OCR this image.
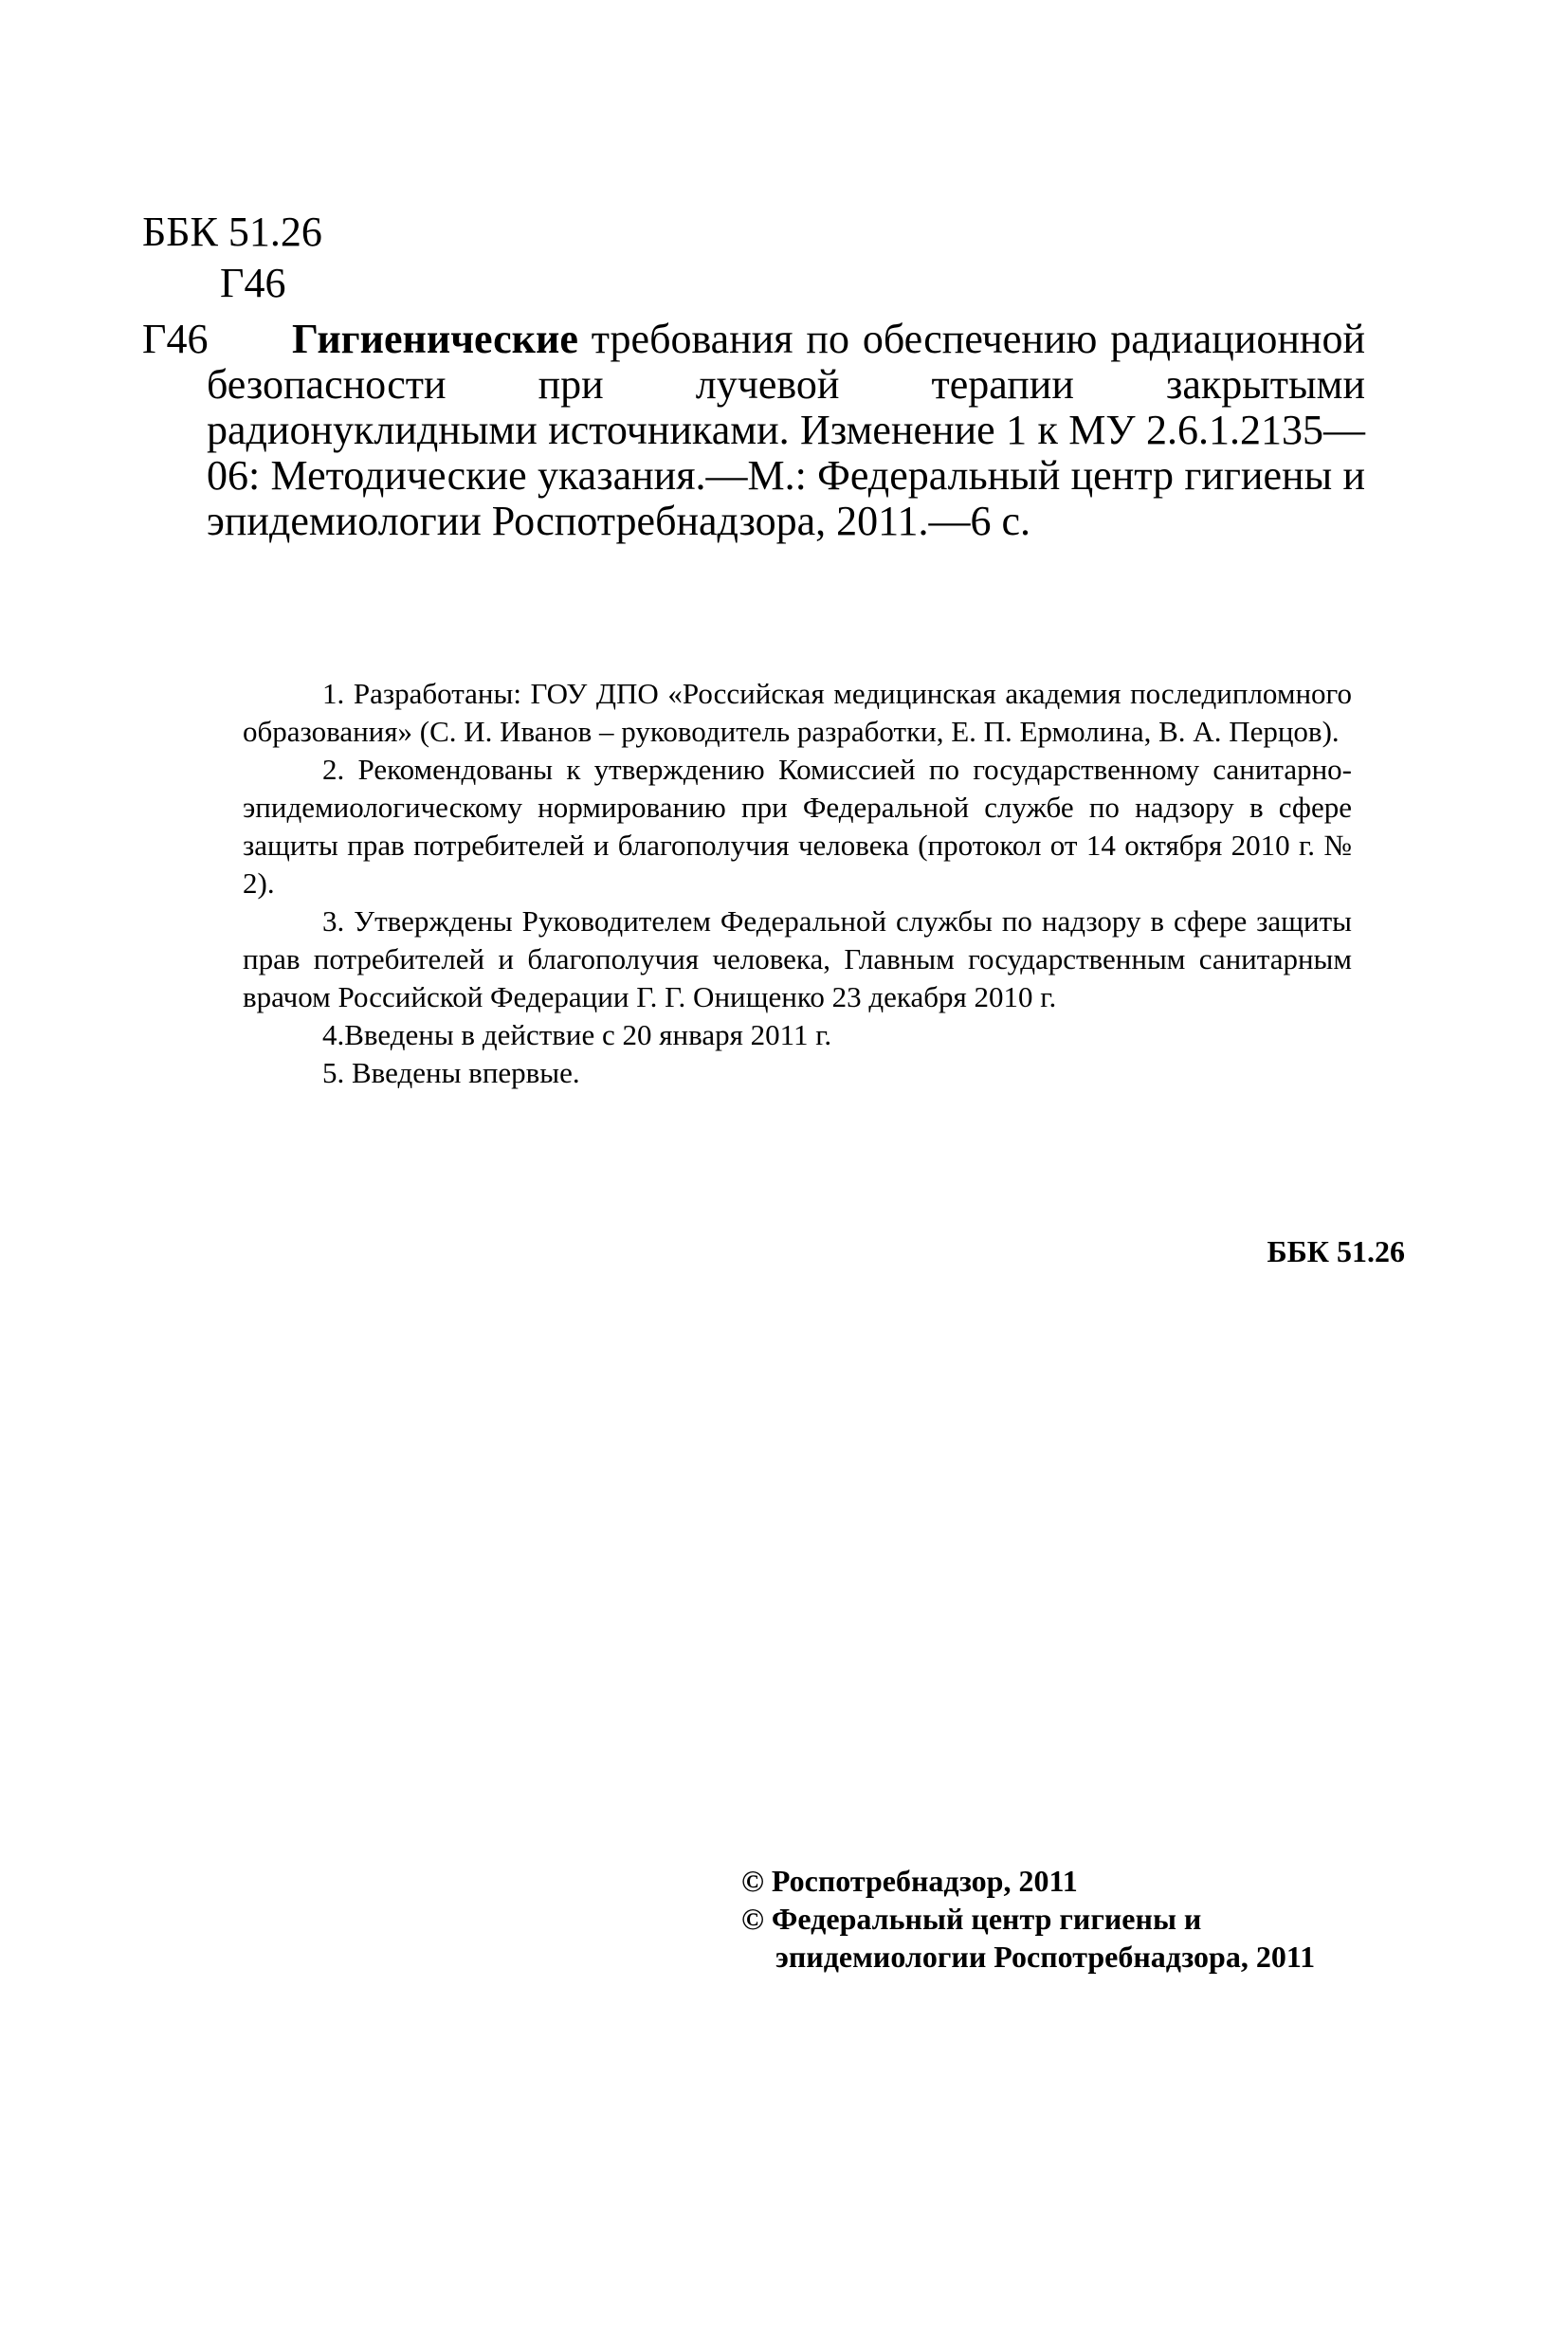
ББК 51.26
Г46
Г46	Гигиенические требования по обеспечению радиационной безопасности при лучевой терапии закрытыми радионуклидными источниками. Изменение 1 к МУ 2.6.1.2135—06: Методические указания.—М.: Федеральный центр гигиены и эпидемиологии Роспотребнадзора, 2011.—6 с.

1. Разработаны: ГОУ ДПО «Российская медицинская академия последипломного образования» (С. И. Иванов – руководитель разработки, Е. П. Ермолина, В. А. Перцов).

2. Рекомендованы к утверждению Комиссией по государственному санитарно-эпидемиологическому нормированию при Федеральной службе по надзору в сфере защиты прав потребителей и благополучия человека (протокол от 14 октября 2010 г. № 2).

3. Утверждены Руководителем Федеральной службы по надзору в сфере защиты прав потребителей и благополучия человека, Главным государственным санитарным врачом Российской Федерации Г. Г. Онищенко 23 декабря 2010 г.

4.Введены в действие с 20 января 2011 г.

5. Введены впервые.

ББК 51.26
© Роспотребнадзор, 2011
© Федеральный центр гигиены и
эпидемиологии Роспотребнадзора, 2011
